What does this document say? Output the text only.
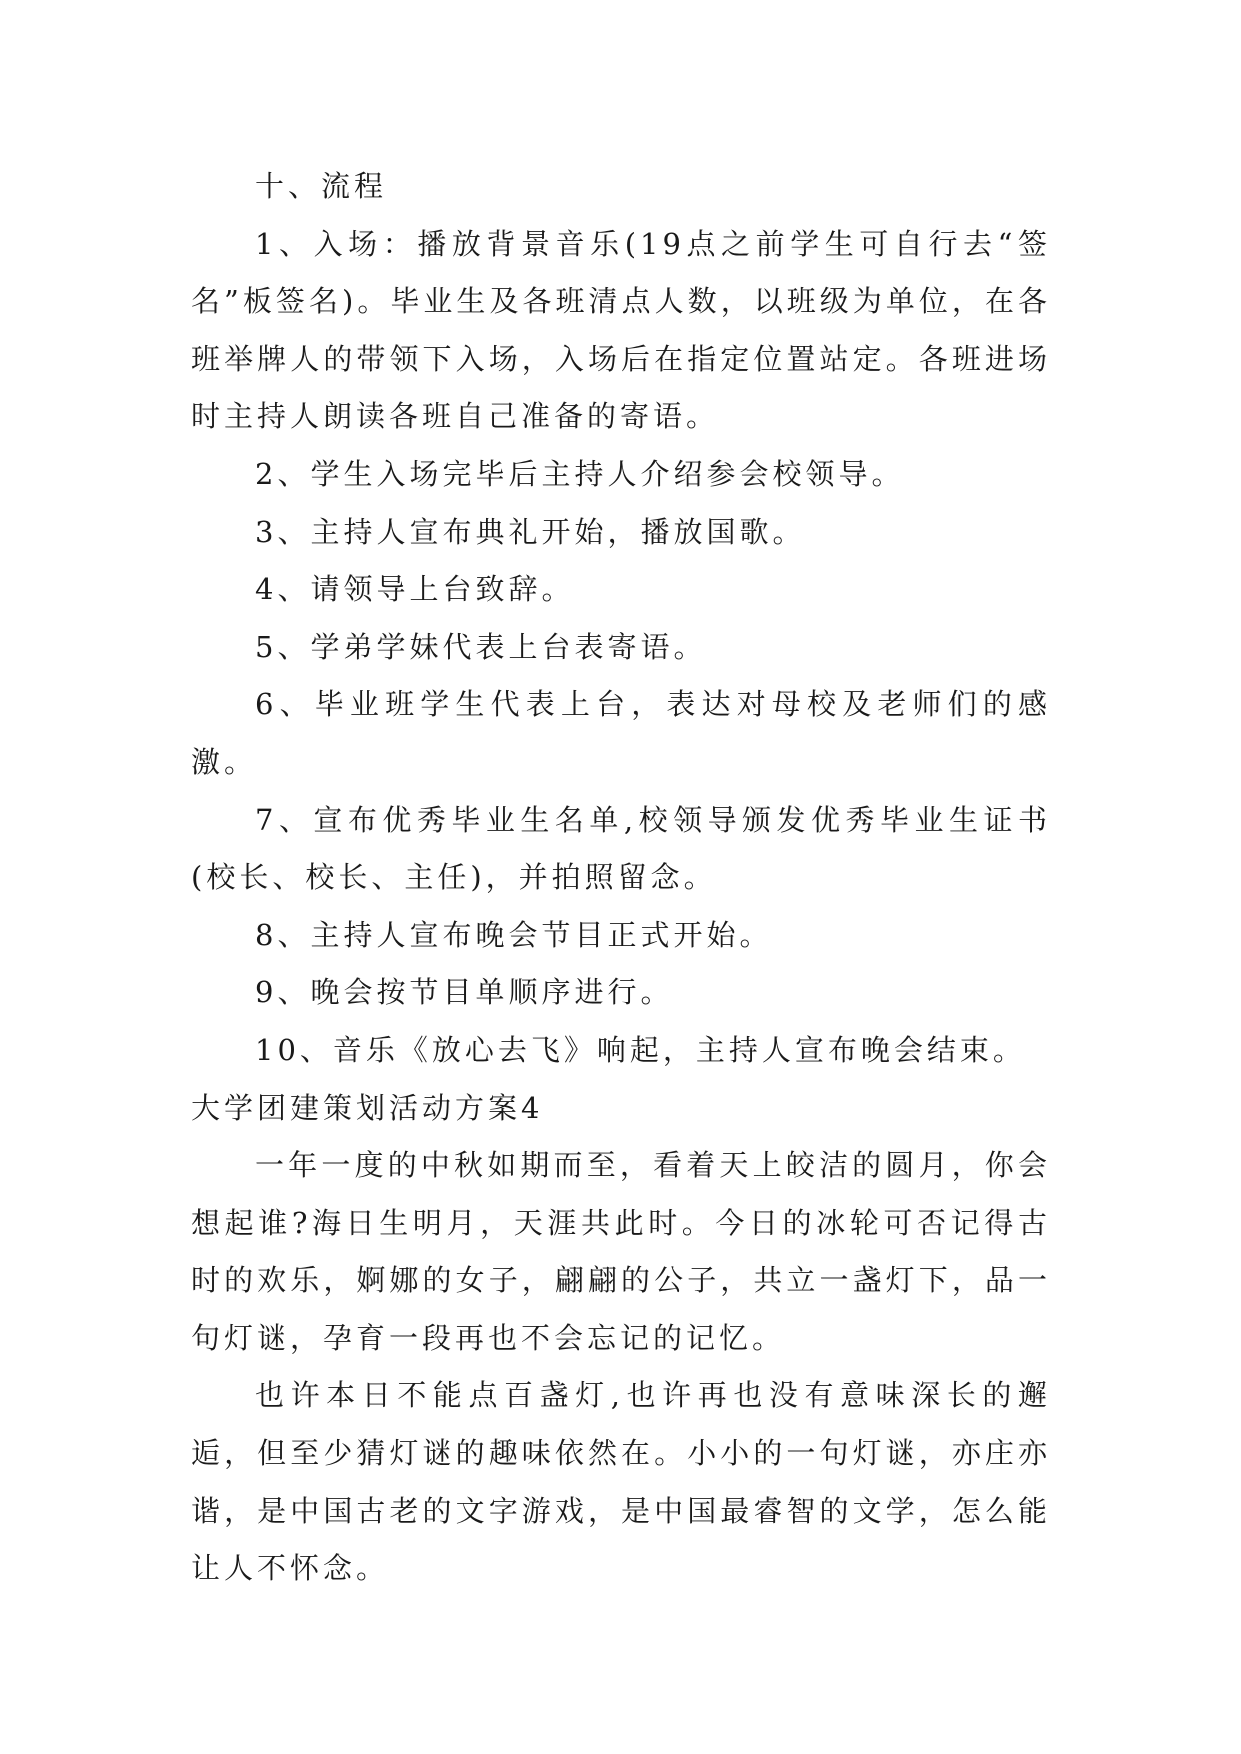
十、流程

1、入场：播放背景音乐(19点之前学生可自行去“签名”板签名)。毕业生及各班清点人数，以班级为单位，在各班举牌人的带领下入场，入场后在指定位置站定。各班进场时主持人朗读各班自己准备的寄语。

2、学生入场完毕后主持人介绍参会校领导。

3、主持人宣布典礼开始，播放国歌。

4、请领导上台致辞。

5、学弟学妹代表上台表寄语。

6、毕业班学生代表上台，表达对母校及老师们的感激。

7、宣布优秀毕业生名单,校领导颁发优秀毕业生证书(校长、校长、主任)，并拍照留念。

8、主持人宣布晚会节目正式开始。

9、晚会按节目单顺序进行。

10、音乐《放心去飞》响起，主持人宣布晚会结束。

大学团建策划活动方案4

一年一度的中秋如期而至，看着天上皎洁的圆月，你会想起谁?海日生明月，天涯共此时。今日的冰轮可否记得古时的欢乐，婀娜的女子，翩翩的公子，共立一盏灯下，品一句灯谜，孕育一段再也不会忘记的记忆。

也许本日不能点百盏灯,也许再也没有意味深长的邂逅，但至少猜灯谜的趣味依然在。小小的一句灯谜，亦庄亦谐，是中国古老的文字游戏，是中国最睿智的文学，怎么能让人不怀念。
